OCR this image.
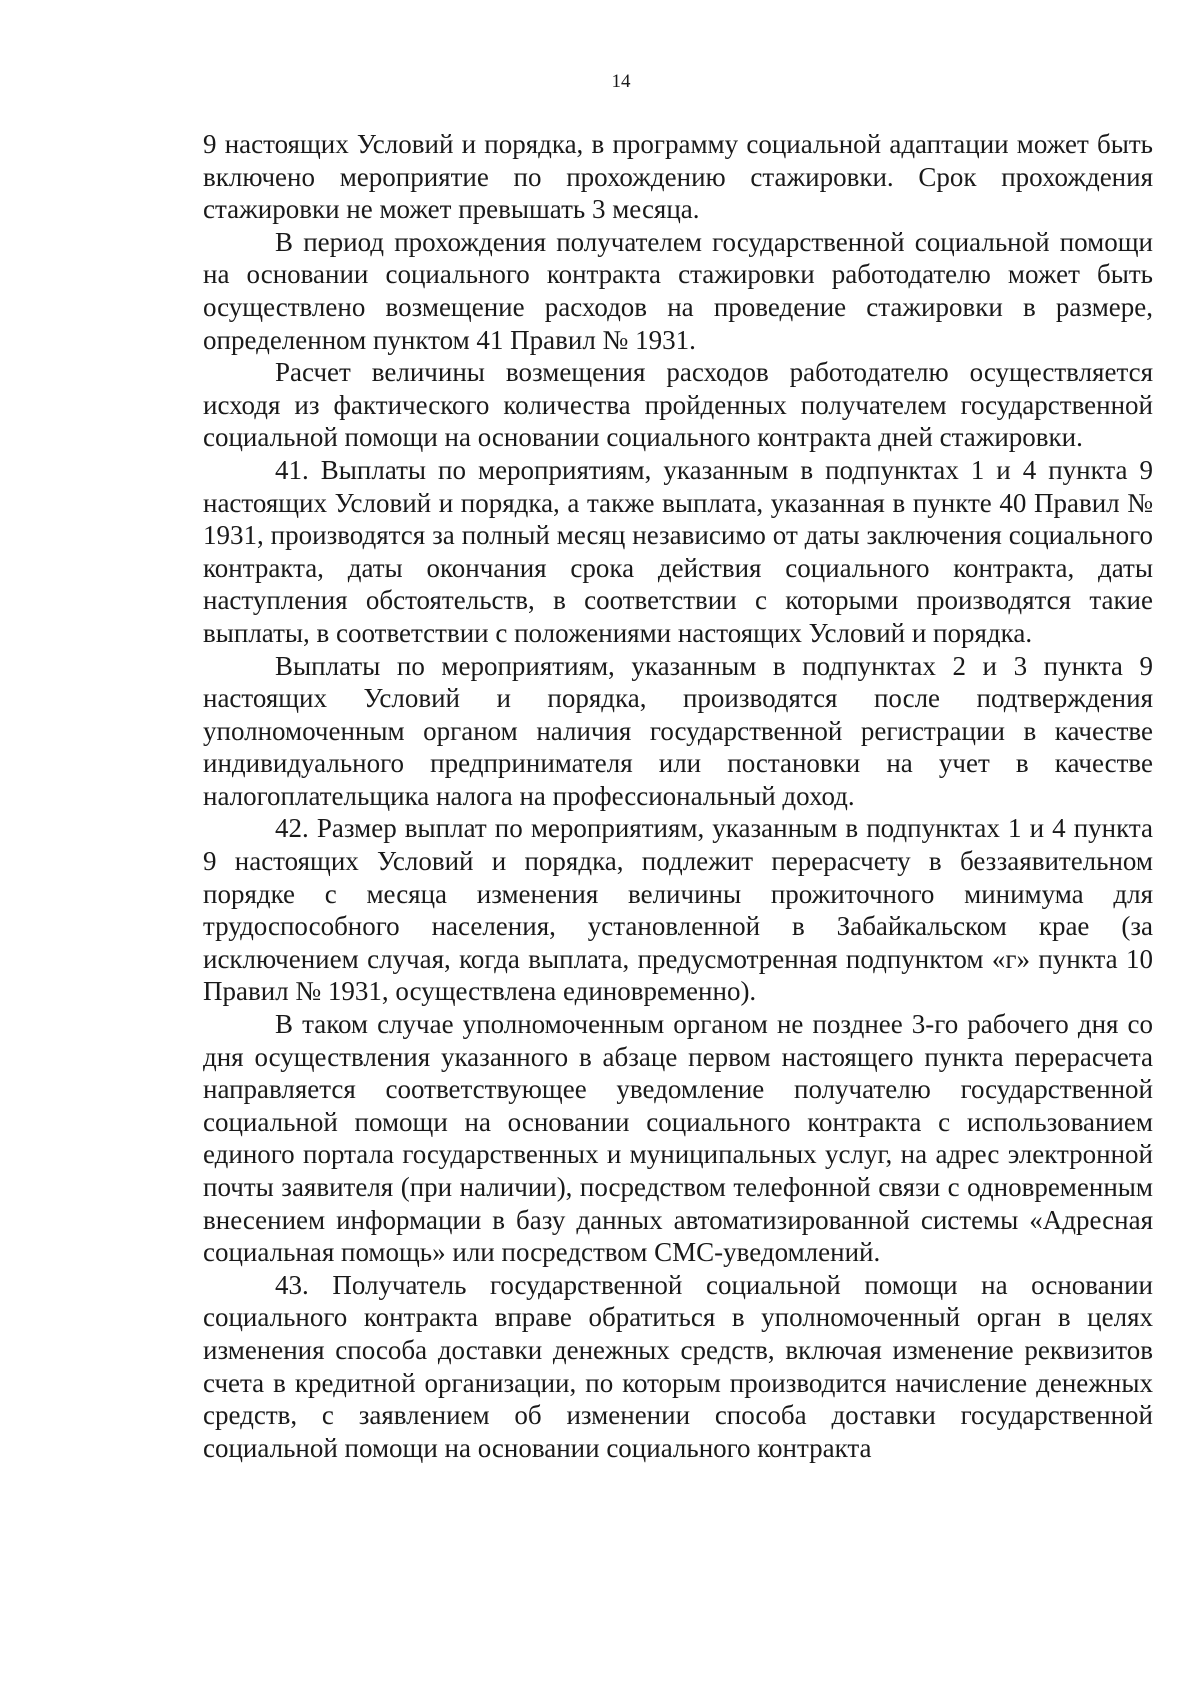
14

9 настоящих Условий и порядка, в программу социальной адаптации может быть включено мероприятие по прохождению стажировки. Срок прохождения стажировки не может превышать 3 месяца.

В период прохождения получателем государственной социальной помощи на основании социального контракта стажировки работодателю может быть осуществлено возмещение расходов на проведение стажировки в размере, определенном пунктом 41 Правил № 1931.

Расчет величины возмещения расходов работодателю осуществляется исходя из фактического количества пройденных получателем государственной социальной помощи на основании социального контракта дней стажировки.

41. Выплаты по мероприятиям, указанным в подпунктах 1 и 4 пункта 9 настоящих Условий и порядка, а также выплата, указанная в пункте 40 Правил № 1931, производятся за полный месяц независимо от даты заключения социального контракта, даты окончания срока действия социального контракта, даты наступления обстоятельств, в соответствии с которыми производятся такие выплаты, в соответствии с положениями настоящих Условий и порядка.

Выплаты по мероприятиям, указанным в подпунктах 2 и 3 пункта 9 настоящих Условий и порядка, производятся после подтверждения уполномоченным органом наличия государственной регистрации в качестве индивидуального предпринимателя или постановки на учет в качестве налогоплательщика налога на профессиональный доход.

42. Размер выплат по мероприятиям, указанным в подпунктах 1 и 4 пункта 9 настоящих Условий и порядка, подлежит перерасчету в беззаявительном порядке с месяца изменения величины прожиточного минимума для трудоспособного населения, установленной в Забайкальском крае (за исключением случая, когда выплата, предусмотренная подпунктом «г» пункта 10 Правил № 1931, осуществлена единовременно).

В таком случае уполномоченным органом не позднее 3-го рабочего дня со дня осуществления указанного в абзаце первом настоящего пункта перерасчета направляется соответствующее уведомление получателю государственной социальной помощи на основании социального контракта с использованием единого портала государственных и муниципальных услуг, на адрес электронной почты заявителя (при наличии), посредством телефонной связи с одновременным внесением информации в базу данных автоматизированной системы «Адресная социальная помощь» или посредством СМС-уведомлений.

43. Получатель государственной социальной помощи на основании социального контракта вправе обратиться в уполномоченный орган в целях изменения способа доставки денежных средств, включая изменение реквизитов счета в кредитной организации, по которым производится начисление денежных средств, с заявлением об изменении способа доставки государственной социальной помощи на основании социального контракта
